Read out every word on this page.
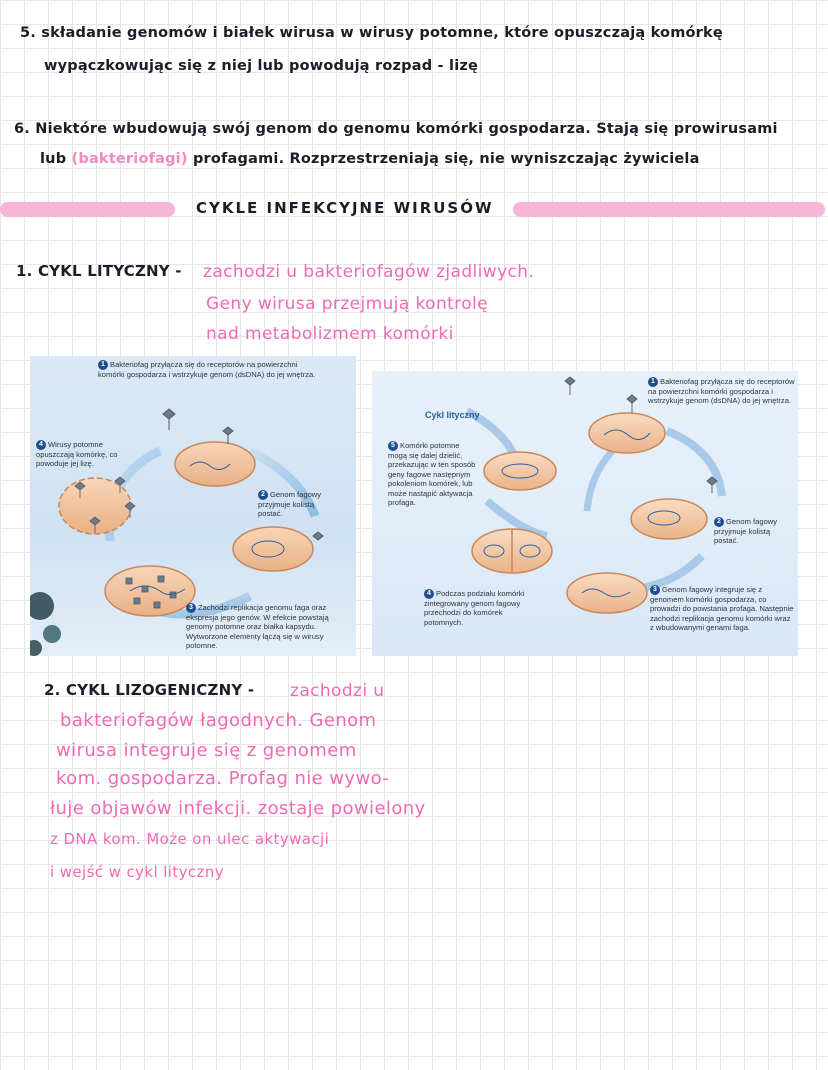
5. składanie genomów i białek wirusa w wirusy potomne, które opuszczają komórkę
wypączkowując się z niej lub powodują rozpad - lizę
6. Niektóre wbudowują swój genom do genomu komórki gospodarza. Stają się prowirusami
lub (bakteriofagi) profagami. Rozprzestrzeniają się, nie wyniszczając żywiciela
CYKLE INFEKCYJNE WIRUSÓW
1. CYKL LITYCZNY - zachodzi u bakteriofagów zjadliwych.
Geny wirusa przejmują kontrolę
nad metabolizmem komórki
1 Bakteriofag przyłącza się do receptorów na powierzchni komórki gospodarza i wstrzykuje genom (dsDNA) do jej wnętrza.
2 Genom fagowy przyjmuje kolistą postać.
3 Zachodzi replikacja genomu faga oraz ekspresja jego genów. W efekcie powstają genomy potomne oraz białka kapsydu. Wytworzone elementy łączą się w wirusy potomne.
4 Wirusy potomne opuszczają komórkę, co powoduje jej lizę.
Cykl lityczny
1 Bakteriofag przyłącza się do receptorów na powierzchni komórki gospodarza i wstrzykuje genom (dsDNA) do jej wnętrza.
2 Genom fagowy przyjmuje kolistą postać.
3 Genom fagowy integruje się z genomem komórki gospodarza, co prowadzi do powstania profaga. Następnie zachodzi replikacja genomu komórki wraz z wbudowanymi genami faga.
4 Podczas podziału komórki zintegrowany genom fagowy przechodzi do komórek potomnych.
5 Komórki potomne mogą się dalej dzielić, przekazując w ten sposób geny fagowe następnym pokoleniom komórek, lub może nastąpić aktywacja profaga.
2. CYKL LIZOGENICZNY - zachodzi u
bakteriofagów łagodnych. Genom
wirusa integruje się z genomem
kom. gospodarza. Profag nie wywo-
łuje objawów infekcji. zostaje powielony
z DNA kom. Może on ulec aktywacji
i wejść w cykl lityczny
